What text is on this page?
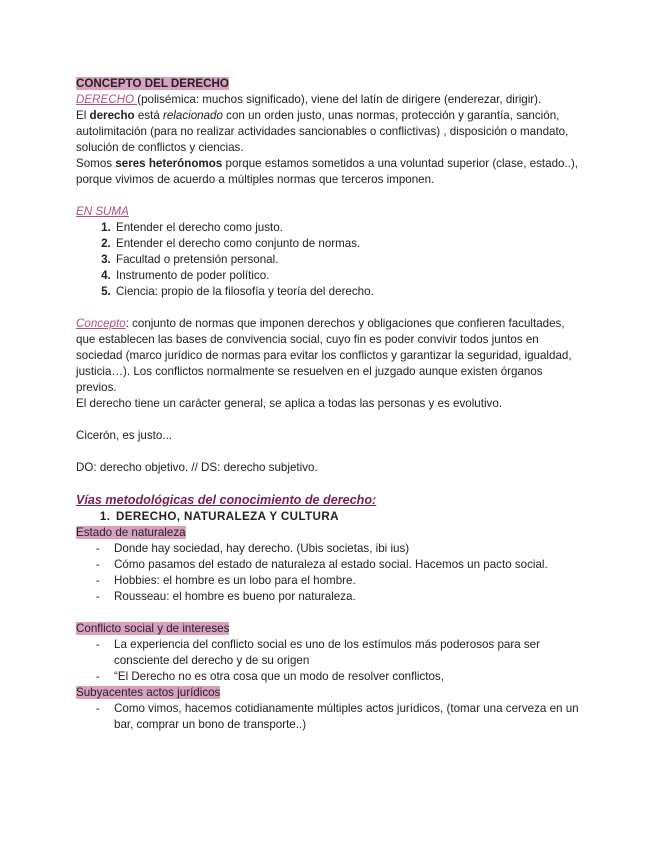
CONCEPTO DEL DERECHO

DERECHO (polisémica: muchos significado), viene del latín de dirigere (enderezar, dirigir).
El derecho está relacionado con un orden justo, unas normas, protección y garantía, sanción, autolimitación (para no realizar actividades sancionables o conflictivas) , disposición o mandato, solución de conflictos y ciencias.
Somos seres heterónomos porque estamos sometidos a una voluntad superior (clase, estado..), porque vivimos de acuerdo a múltiples normas que terceros imponen.

EN SUMA

1. Entender el derecho como justo.
2. Entender el derecho como conjunto de normas.
3. Facultad o pretensión personal.
4. Instrumento de poder político.
5. Ciencia: propio de la filosofía y teoría del derecho.

Concepto: conjunto de normas que imponen derechos y obligaciones que confieren facultades, que establecen las bases de convivencia social, cuyo fin es poder convivir todos juntos en sociedad (marco jurídico de normas para evitar los conflictos y garantizar la seguridad, igualdad, justicia…). Los conflictos normalmente se resuelven en el juzgado aunque existen órganos previos.
El derecho tiene un carácter general, se aplica a todas las personas y es evolutivo.

Cicerón, es justo...

DO: derecho objetivo. // DS: derecho subjetivo.

Vías metodológicas del conocimiento de derecho:

1. DERECHO, NATURALEZA Y CULTURA

Estado de naturaleza

- Donde hay sociedad, hay derecho. (Ubis societas, ibi ius)
- Cómo pasamos del estado de naturaleza al estado social. Hacemos un pacto social.
- Hobbies: el hombre es un lobo para el hombre.
- Rousseau: el hombre es bueno por naturaleza.

Conflicto social y de intereses

- La experiencia del conflicto social es uno de los estímulos más poderosos para ser consciente del derecho y de su origen
- “El Derecho no es otra cosa que un modo de resolver conflictos,

Subyacentes actos jurídicos

- Como vimos, hacemos cotidianamente múltiples actos jurídicos, (tomar una cerveza en un bar, comprar un bono de transporte..)
